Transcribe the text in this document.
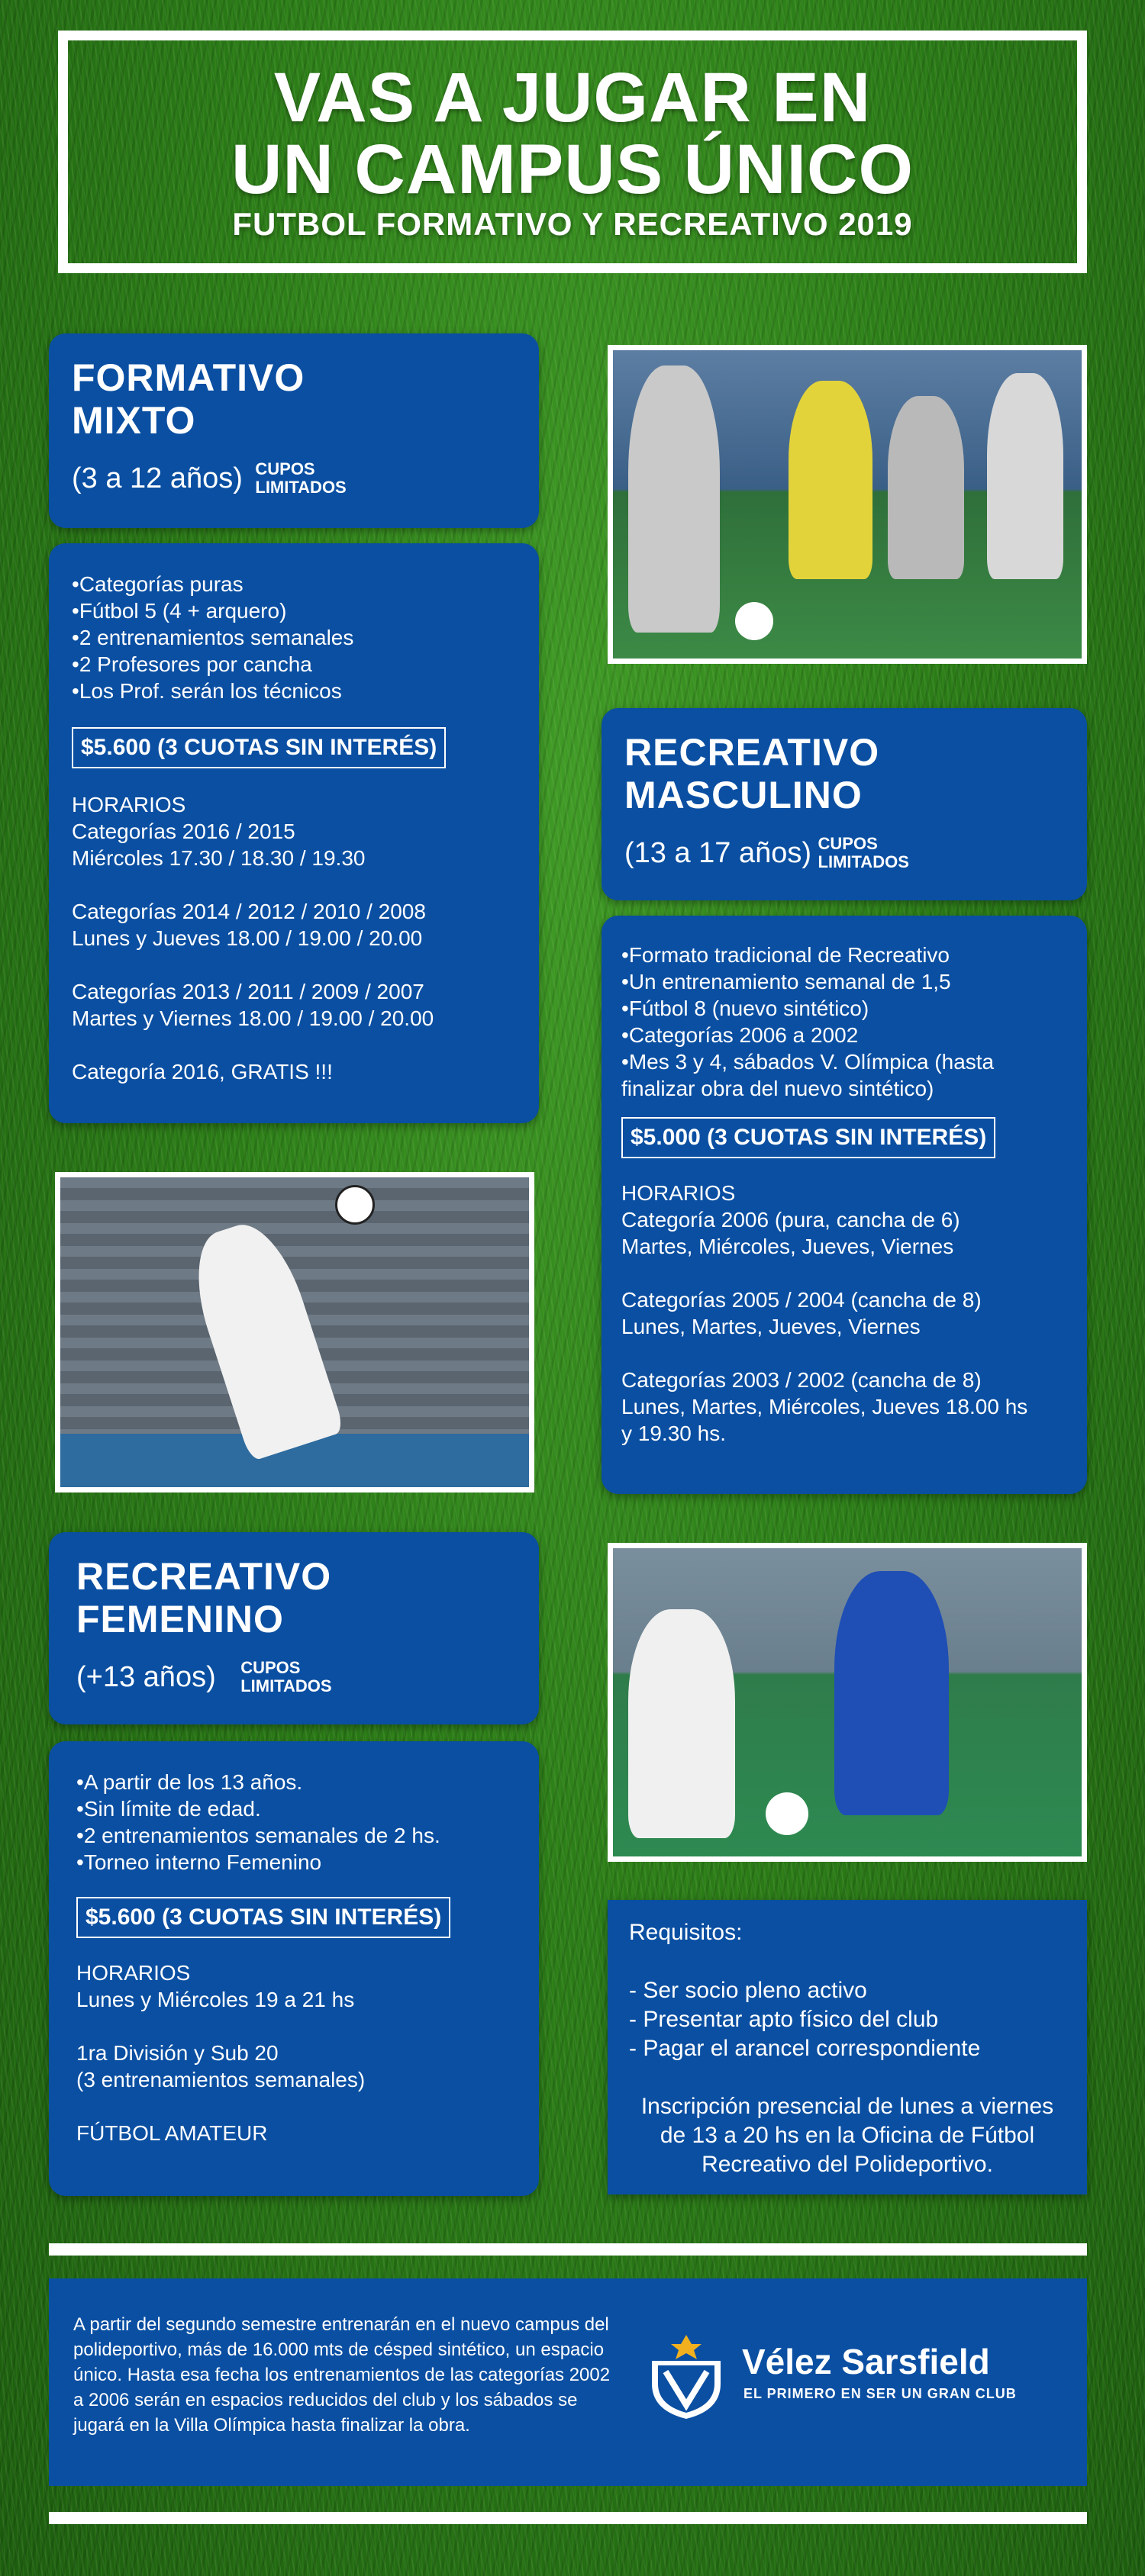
VAS A JUGAR EN
UN CAMPUS ÚNICO
FUTBOL FORMATIVO Y RECREATIVO 2019
FORMATIVO
MIXTO
(3 a 12 años) CUPOS
LIMITADOS
• Categorías puras
• Fútbol 5 (4 + arquero)
• 2 entrenamientos semanales
• 2 Profesores por cancha
• Los Prof. serán los técnicos
$5.600 (3 CUOTAS SIN INTERÉS)

HORARIOS
Categorías 2016 / 2015
Miércoles 17.30 / 18.30 / 19.30

Categorías 2014 / 2012 / 2010 / 2008
Lunes y Jueves 18.00 / 19.00 / 20.00

Categorías 2013 / 2011 / 2009 / 2007
Martes y Viernes 18.00 / 19.00 / 20.00

Categoría 2016, GRATIS !!!

RECREATIVO
MASCULINO
(13 a 17 años) CUPOS
LIMITADOS
• Formato tradicional de Recreativo
• Un entrenamiento semanal de 1,5
• Fútbol 8 (nuevo sintético)
• Categorías 2006 a 2002
• Mes 3 y 4, sábados V. Olímpica (hasta finalizar obra del nuevo sintético)
$5.000 (3 CUOTAS SIN INTERÉS)

HORARIOS
Categoría 2006 (pura, cancha de 6)
Martes, Miércoles, Jueves, Viernes

Categorías 2005 / 2004 (cancha de 8)
Lunes, Martes, Jueves, Viernes

Categorías 2003 / 2002 (cancha de 8)
Lunes, Martes, Miércoles, Jueves 18.00 hs
y 19.30 hs.

RECREATIVO
FEMENINO
(+13 años) CUPOS
LIMITADOS
• A partir de los 13 años.
• Sin límite de edad.
• 2 entrenamientos semanales de 2 hs.
• Torneo interno Femenino
$5.600 (3 CUOTAS SIN INTERÉS)

HORARIOS
Lunes y Miércoles 19 a 21 hs

1ra División y Sub 20
(3 entrenamientos semanales)

FÚTBOL AMATEUR

Requisitos:
- Ser socio pleno activo
- Presentar apto físico del club
- Pagar el arancel correspondiente
Inscripción presencial de lunes a viernes de 13 a 20 hs en la Oficina de Fútbol Recreativo del Polideportivo.
A partir del segundo semestre entrenarán en el nuevo campus del polideportivo, más de 16.000 mts de césped sintético, un espacio único. Hasta esa fecha los entrenamientos de las categorías 2002 a 2006 serán en espacios reducidos del club y los sábados se jugará en la Villa Olímpica hasta finalizar la obra.
Vélez Sarsfield
EL PRIMERO EN SER UN GRAN CLUB
